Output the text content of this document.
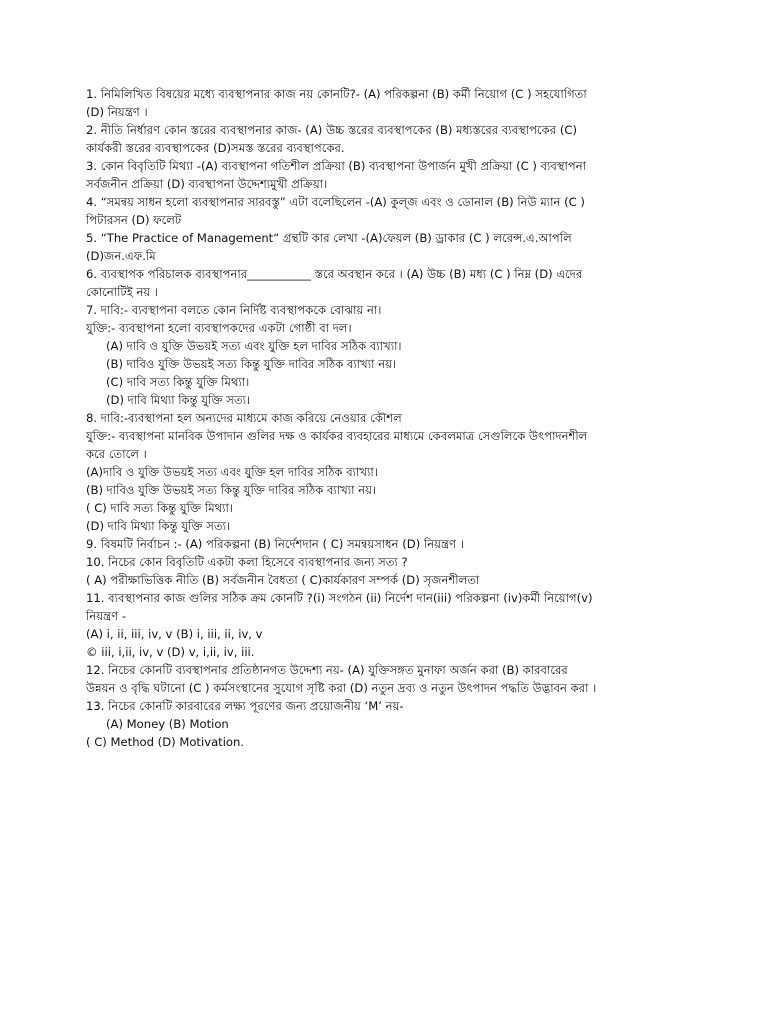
1. নিমিলিখিত বিষয়ের মধ্যে ব্যবস্থাপনার কাজ নয় কোনটি?- (A) পরিকল্পনা (B) কর্মী নিয়োগ (C ) সহযোগিতা
(D) নিয়ন্ত্রণ ।
2. নীতি নির্ধারণ কোন স্তরের ব্যবস্থাপনার কাজ- (A) উচ্চ স্তরের ব্যবস্থাপকের (B) মধ্যস্তরের ব্যবস্থাপকের (C)
কার্যকরী স্তরের ব্যবস্থাপকের (D)সমস্ত স্তরের ব্যবস্থাপকের.
3. কোন বিবৃতিটি মিথ্যা -(A) ব্যবস্থাপনা গতিশীল প্রক্রিয়া (B) ব্যবস্থাপনা উপার্জন মুখী প্রক্রিয়া (C ) ব্যবস্থাপনা
সর্বজনীন প্রক্রিয়া (D) ব্যবস্থাপনা উদ্দেশ্যমুখী প্রক্রিয়া।
4. “সমন্বয় সাধন হলো ব্যবস্থাপনার সারবস্তু” এটা বলেছিলেন -(A) কুল্জ এবং ও ডোনাল (B) নিউ ম্যান (C )
পিটারসন (D) ফলেট
5. “The Practice of Management“ গ্রন্থটি কার লেখা -(A)ফেয়ল (B) ড্রাকার (C ) লরেন্স.এ.আপলি
(D)জন.এফ.মি
6. ব্যবস্থাপক পরিচালক ব্যবস্থাপনার___________ স্তরে অবস্থান করে । (A) উচ্চ (B) মধ্য (C ) নিম্ন (D) এদের
কোনোটিই নয় ।
7. দাবি:- ব্যবস্থাপনা বলতে কোন নির্দিষ্ট ব্যবস্থাপককে বোঝায় না।
যুক্তি:- ব্যবস্থাপনা হলো ব্যবস্থাপকদের একটা গোষ্ঠী বা দল।
(A) দাবি ও যুক্তি উভয়ই সত্য এবং যুক্তি হল দাবির সঠিক ব্যাখ্যা।
(B) দাবিও যুক্তি উভয়ই সত্য কিন্তু যুক্তি দাবির সঠিক ব্যাখ্যা নয়।
(C) দাবি সত্য কিন্তু যুক্তি মিথ্যা।
(D) দাবি মিথ্যা কিন্তু যুক্তি সত্য।
8. দাবি:-ব্যবস্থাপনা হল অন্যদের মাধ্যমে কাজ করিয়ে নেওয়ার কৌশল
যুক্তি:- ব্যবস্থাপনা মানবিক উপাদান গুলির দক্ষ ও কার্যকর ব্যবহারের মাধ্যমে কেবলমাত্র সেগুলিকে উৎপাদনশীল
করে তোলে ।
(A)দাবি ও যুক্তি উভয়ই সত্য এবং যুক্তি হল দাবির সঠিক ব্যাখ্যা।
(B) দাবিও যুক্তি উভয়ই সত্য কিন্তু যুক্তি দাবির সঠিক ব্যাখ্যা নয়।
( C) দাবি সত্য কিন্তু যুক্তি মিথ্যা।
(D) দাবি মিথ্যা কিন্তু যুক্তি সত্য।
9. বিষমটি নির্বাচন :- (A) পরিকল্পনা (B) নির্দেশদান ( C) সমন্বয়সাধন (D) নিয়ন্ত্রণ ।
10. নিচের কোন বিবৃতিটি একটা কলা হিসেবে ব্যবস্থাপনার জন্য সত্য ?
( A) পরীক্ষাভিত্তিক নীতি (B) সর্বজনীন বৈধতা ( C)কার্যকারণ সম্পর্ক (D) সৃজনশীলতা
11. ব্যবস্থাপনার কাজ গুলির সঠিক ক্রম কোনটি ?(i) সংগঠন (ii) নির্দেশ দান(iii) পরিকল্পনা (iv)কর্মী নিয়োগ(v)
নিয়ন্ত্রণ -
(A) i, ii, iii, iv, v (B) i, iii, ii, iv, v
© iii, i,ii, iv, v (D) v, i,ii, iv, iii.
12. নিচের কোনটি ব্যবস্থাপনার প্রতিষ্ঠানগত উদ্দেশ্য নয়- (A) যুক্তিসঙ্গত মুনাফা অর্জন করা (B) কারবারের
উন্নয়ন ও বৃদ্ধি ঘটানো (C ) কর্মসংস্থানের সুযোগ সৃষ্টি করা (D) নতুন দ্রব্য ও নতুন উৎপাদন পদ্ধতি উদ্ভাবন করা ।
13. নিচের কোনটি কারবারের লক্ষ্য পূরণের জন্য প্রয়োজনীয় ‘M’ নয়-
(A) Money (B) Motion
( C) Method (D) Motivation.
